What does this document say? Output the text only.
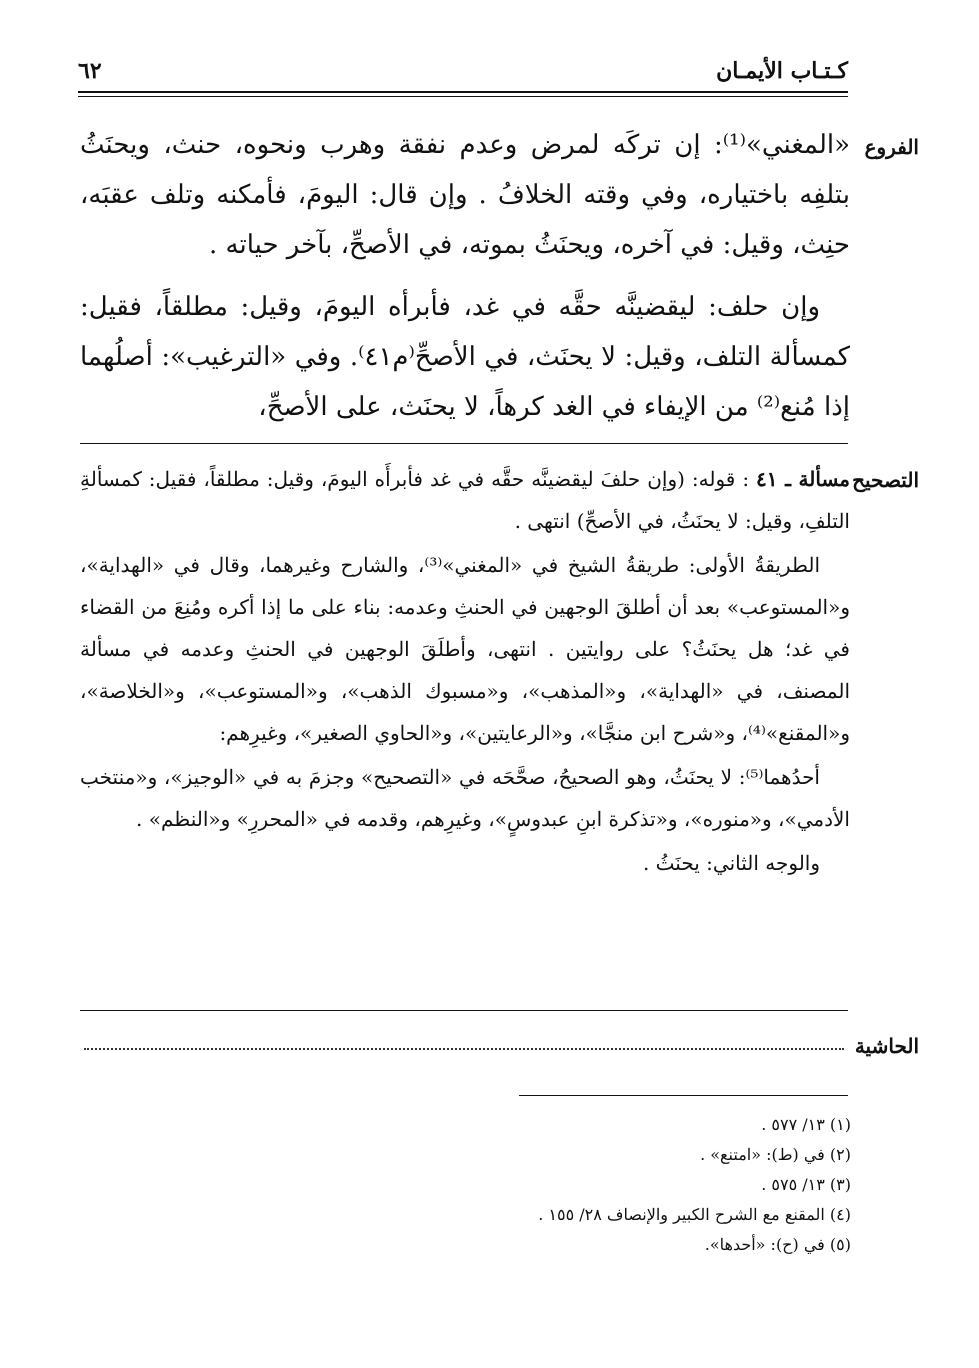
كـتـاب الأيمـان
٦٢
الفروع

«المغني»⁽¹⁾: إن تركَه لمرض وعدم نفقة وهرب ونحوه، حنث، ويحنَثُ بتلفِه باختياره، وفي وقته الخلافُ . وإن قال: اليومَ، فأمكنه وتلف عقبَه، حنِث، وقيل: في آخره، ويحنَثُ بموته، في الأصحِّ، بآخر حياته .

وإن حلف: ليقضينَّه حقَّه في غد، فأبرأه اليومَ، وقيل: مطلقاً، فقيل: كمسألة التلف، وقيل: لا يحنَث، في الأصحِّ⁽م٤١⁾. وفي «الترغيب»: أصلُهما إذا مُنع⁽²⁾ من الإيفاء في الغد كرهاً، لا يحنَث، على الأصحِّ،

التصحيح

مسألة ـ ٤١ : قوله: (وإن حلفَ ليقضينَّه حقَّه في غد فأبرأَه اليومَ، وقيل: مطلقاً، فقيل: كمسألةِ التلفِ، وقيل: لا يحنَثُ، في الأصحِّ) انتهى .

الطريقةُ الأولى: طريقةُ الشيخ في «المغني»⁽³⁾، والشارح وغيرهما، وقال في «الهداية»، و«المستوعب» بعد أن أطلقَ الوجهين في الحنثِ وعدمه: بناء على ما إذا أكره ومُنِعَ من القضاء في غد؛ هل يحنَثُ؟ على روايتين . انتهى، وأطلَقَ الوجهين في الحنثِ وعدمه في مسألة المصنف، في «الهداية»، و«المذهب»، و«مسبوك الذهب»، و«المستوعب»، و«الخلاصة»، و«المقنع»⁽⁴⁾، و«شرح ابن منجَّا»، و«الرعايتين»، و«الحاوي الصغير»، وغيرِهم:

أحدُهما⁽⁵⁾: لا يحنَثُ، وهو الصحيحُ، صحَّحَه في «التصحيح» وجزمَ به في «الوجيز»، و«منتخب الأدمي»، و«منوره»، و«تذكرة ابنِ عبدوسٍ»، وغيرِهم، وقدمه في «المحررِ» و«النظم» .

والوجه الثاني: يحنَثُ .

الحاشية
(١) ١٣/ ٥٧٧ .
(٢) في (ط): «امتنع» .
(٣) ١٣/ ٥٧٥ .
(٤) المقنع مع الشرح الكبير والإنصاف ٢٨/ ١٥٥ .
(٥) في (ح): «أحدها».
